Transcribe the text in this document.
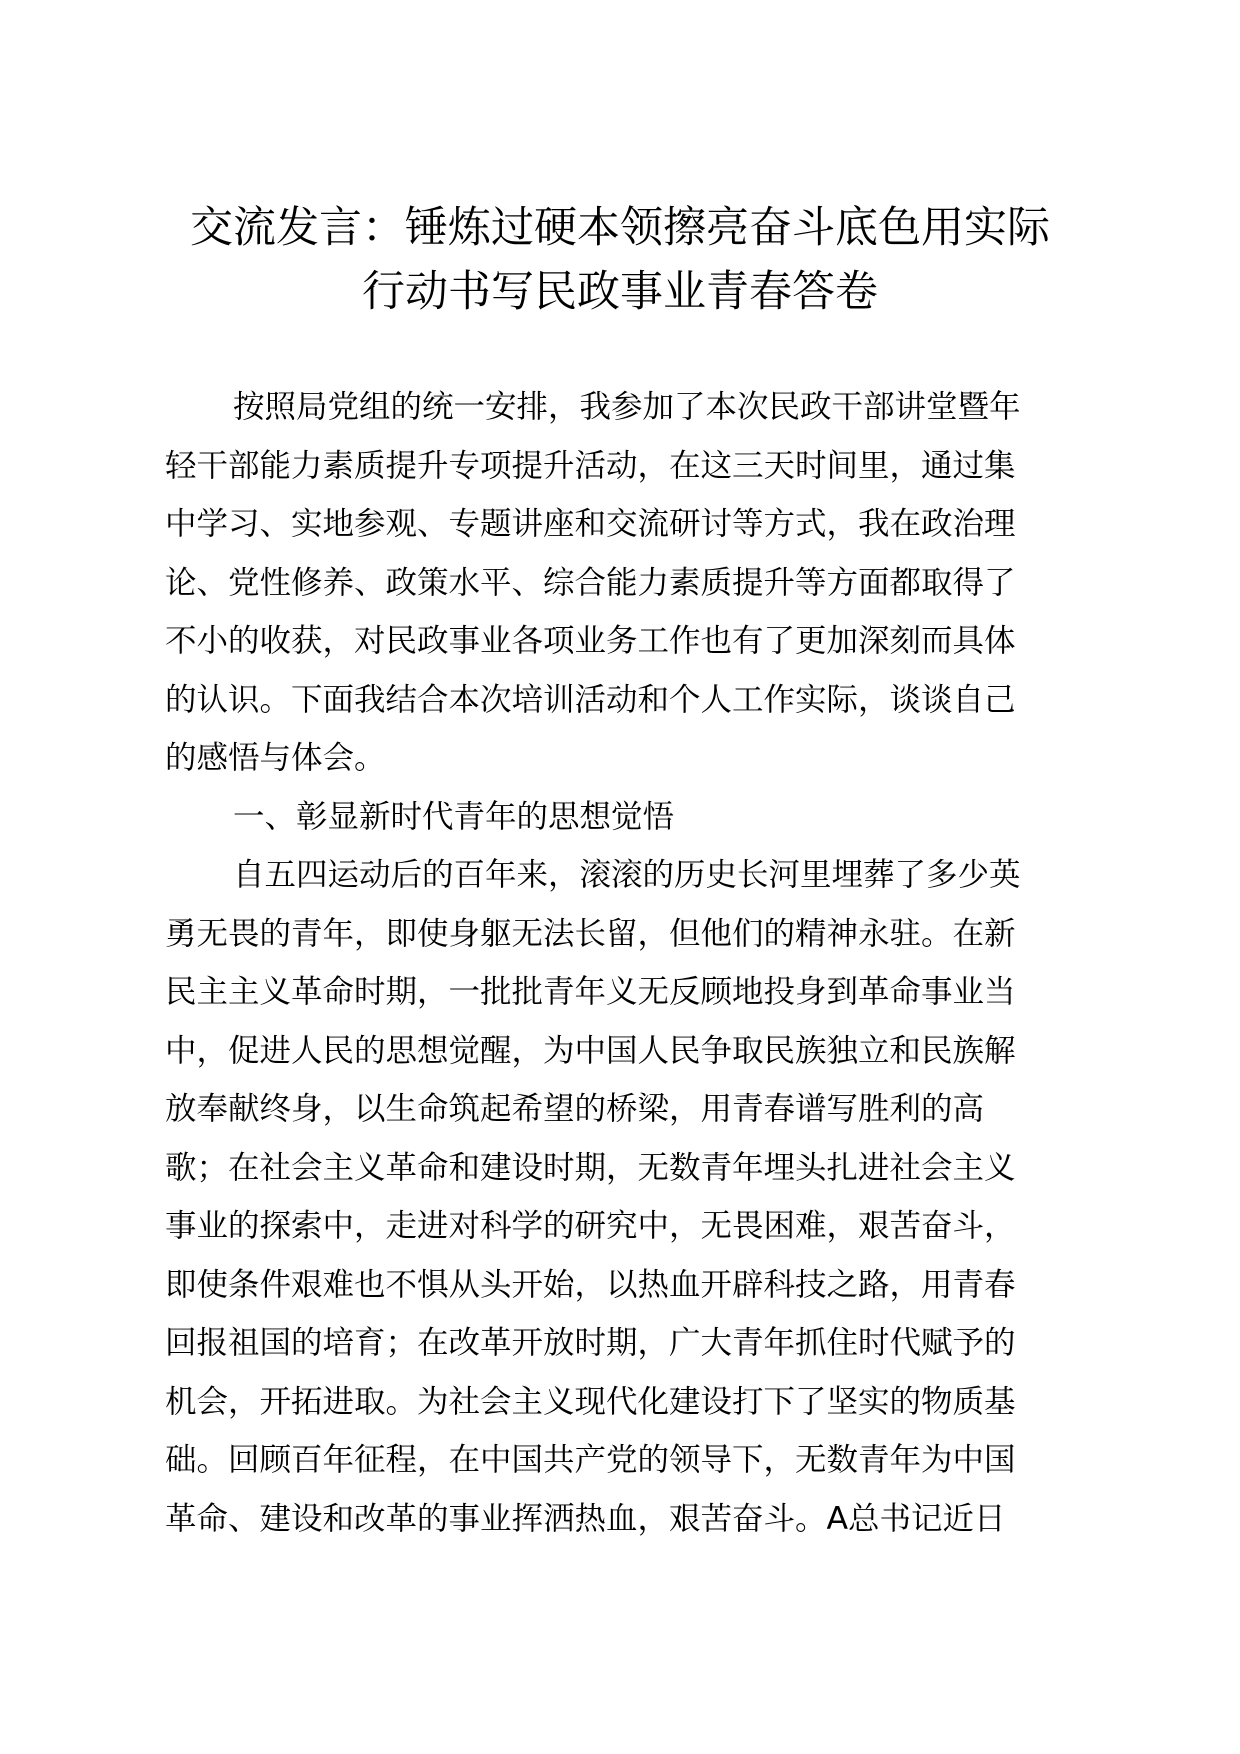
交流发言：锤炼过硬本领擦亮奋斗底色用实际
行动书写民政事业青春答卷
按照局党组的统一安排，我参加了本次民政干部讲堂暨年
轻干部能力素质提升专项提升活动，在这三天时间里，通过集
中学习、实地参观、专题讲座和交流研讨等方式，我在政治理
论、党性修养、政策水平、综合能力素质提升等方面都取得了
不小的收获，对民政事业各项业务工作也有了更加深刻而具体
的认识。下面我结合本次培训活动和个人工作实际，谈谈自己
的感悟与体会。
一、彰显新时代青年的思想觉悟
自五四运动后的百年来，滚滚的历史长河里埋葬了多少英
勇无畏的青年，即使身躯无法长留，但他们的精神永驻。在新
民主主义革命时期，一批批青年义无反顾地投身到革命事业当
中，促进人民的思想觉醒，为中国人民争取民族独立和民族解
放奉献终身，以生命筑起希望的桥梁，用青春谱写胜利的高
歌；在社会主义革命和建设时期，无数青年埋头扎进社会主义
事业的探索中，走进对科学的研究中，无畏困难，艰苦奋斗，
即使条件艰难也不惧从头开始，以热血开辟科技之路，用青春
回报祖国的培育；在改革开放时期，广大青年抓住时代赋予的
机会，开拓进取。为社会主义现代化建设打下了坚实的物质基
础。回顾百年征程，在中国共产党的领导下，无数青年为中国
革命、建设和改革的事业挥洒热血，艰苦奋斗。A总书记近日
